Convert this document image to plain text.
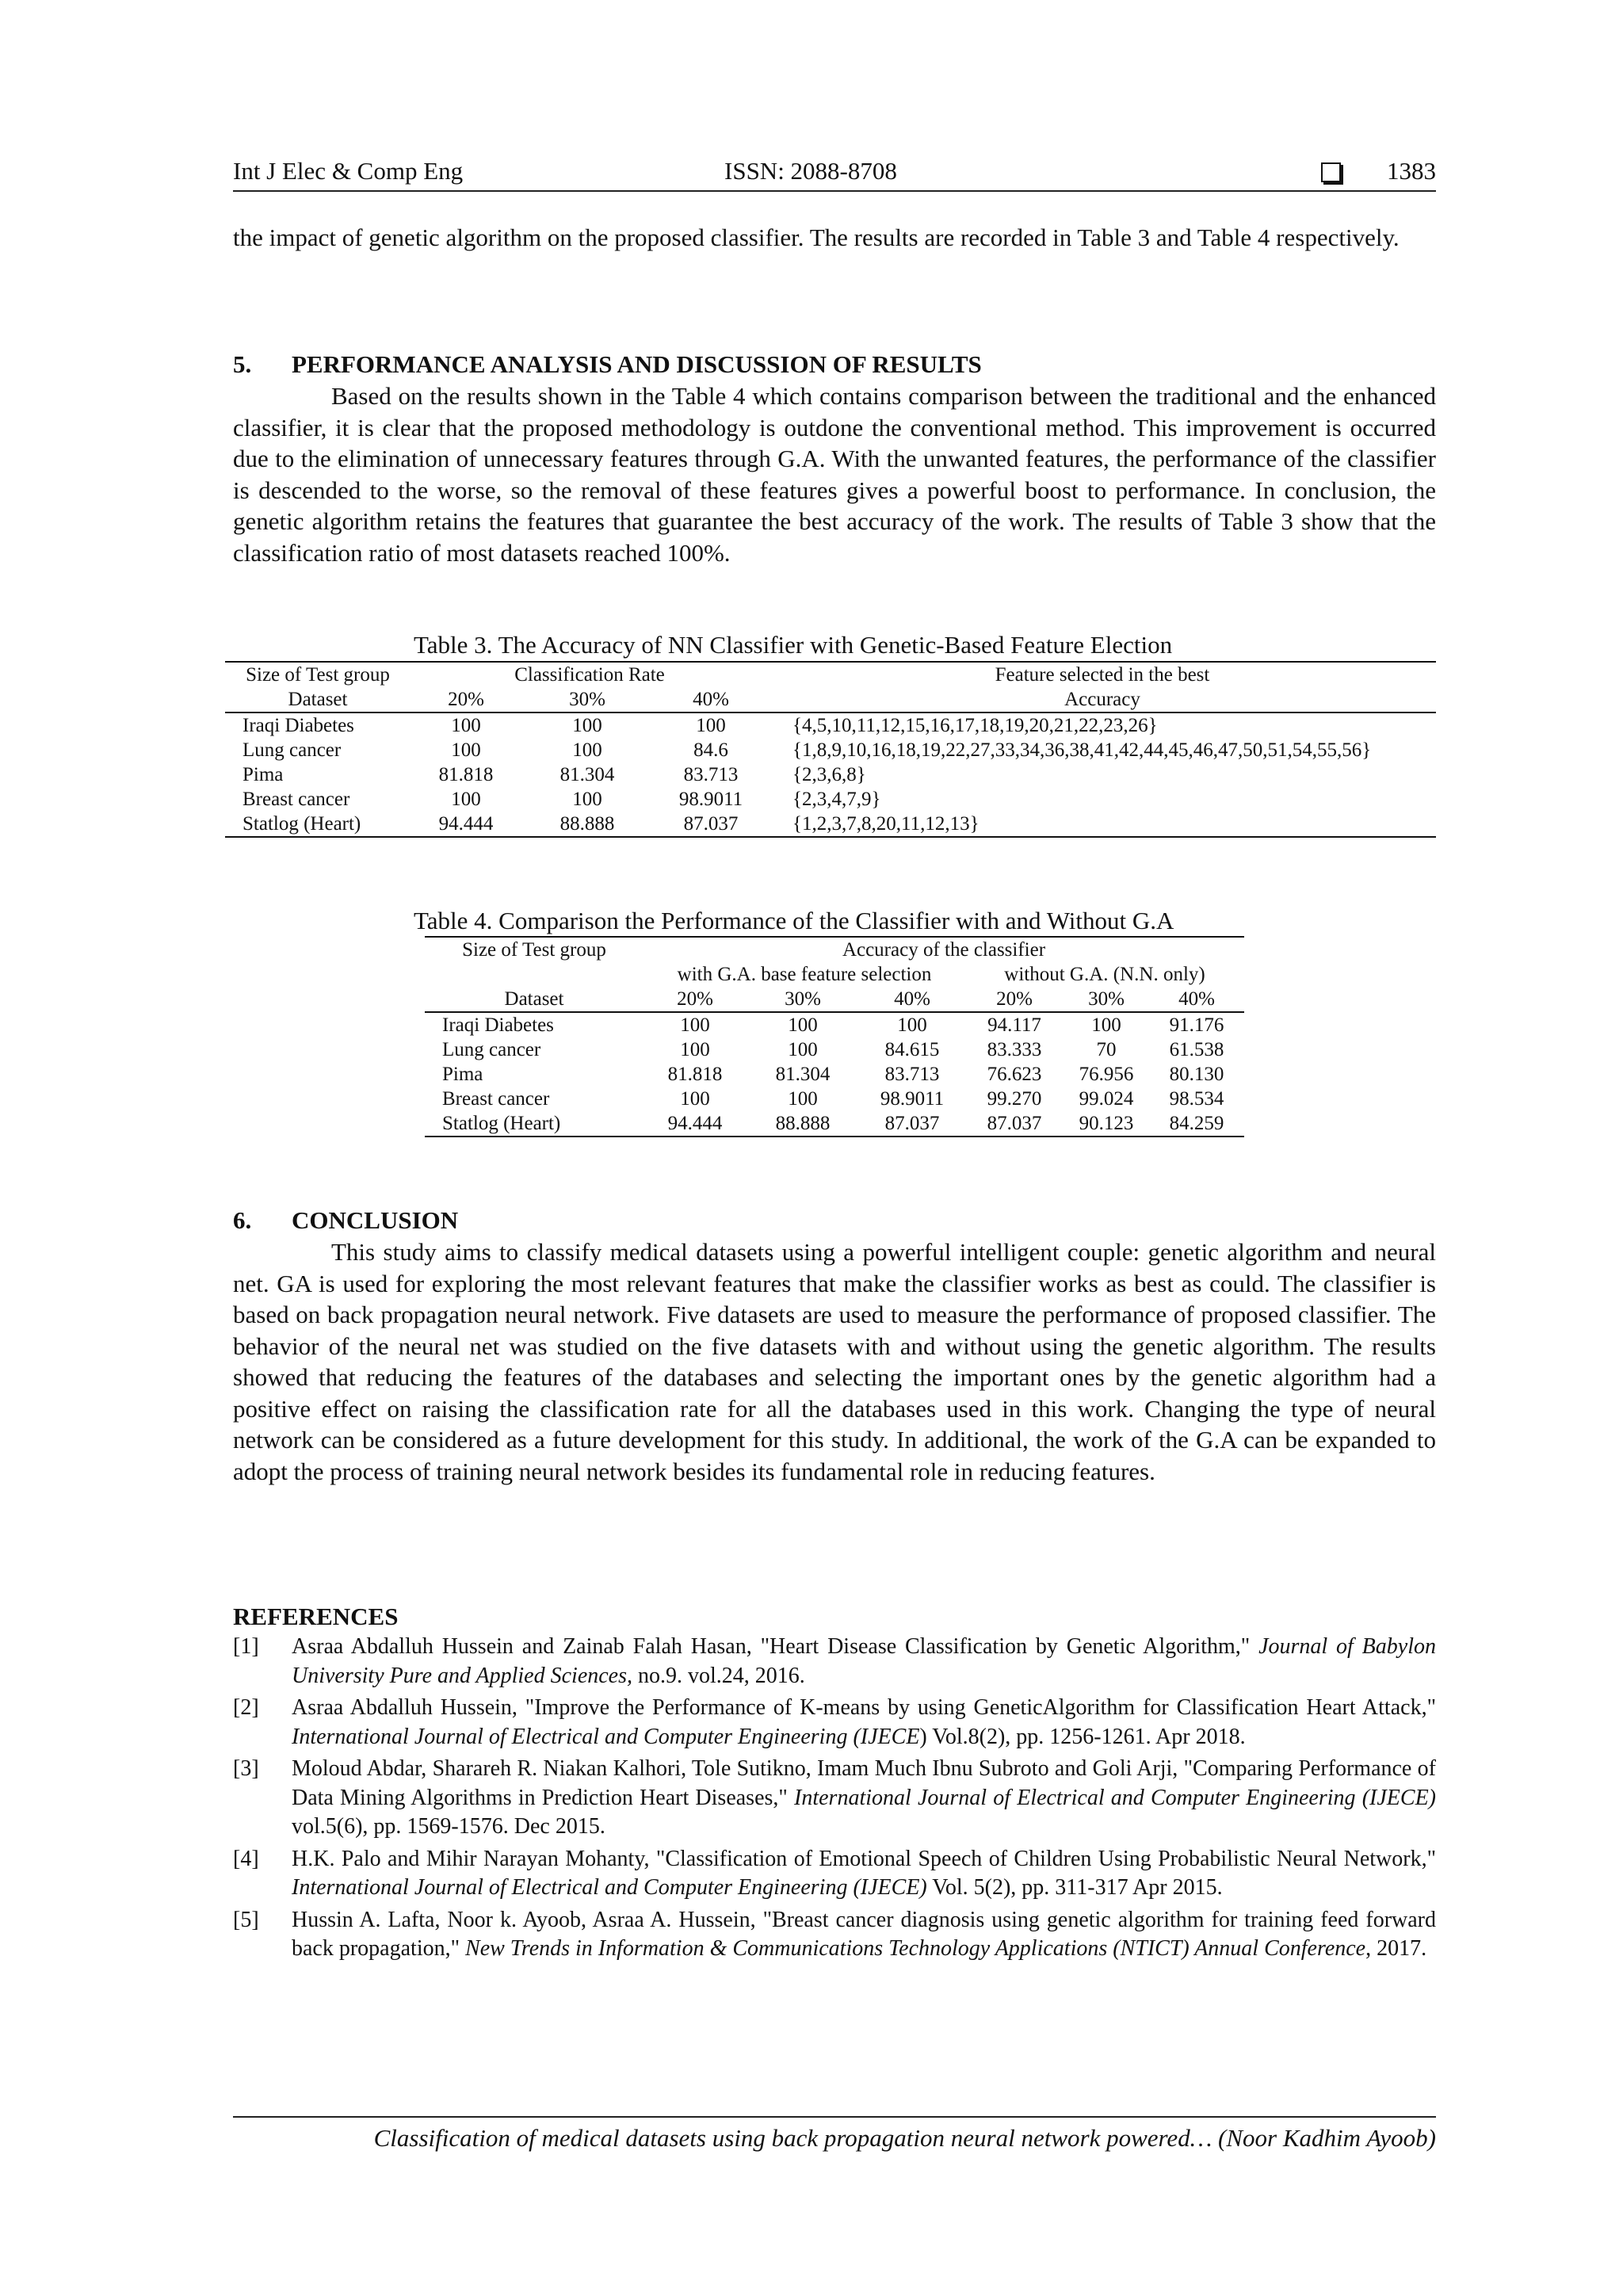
Int J Elec & Comp Eng	ISSN: 2088-8708	1383

the impact of genetic algorithm on the proposed classifier. The results are recorded in Table 3 and Table 4 respectively.

5. PERFORMANCE ANALYSIS AND DISCUSSION OF RESULTS

Based on the results shown in the Table 4 which contains comparison between the traditional and the enhanced classifier, it is clear that the proposed methodology is outdone the conventional method. This improvement is occurred due to the elimination of unnecessary features through G.A. With the unwanted features, the performance of the classifier is descended to the worse, so the removal of these features gives a powerful boost to performance. In conclusion, the genetic algorithm retains the features that guarantee the best accuracy of the work. The results of Table 3 show that the classification ratio of most datasets reached 100%.

Table 3. The Accuracy of NN Classifier with Genetic-Based Feature Election
Size of Test group	Classification Rate			Feature selected in the best
Dataset	20%	30%	40%	Accuracy
Iraqi Diabetes	100	100	100	{4,5,10,11,12,15,16,17,18,19,20,21,22,23,26}
Lung cancer	100	100	84.6	{1,8,9,10,16,18,19,22,27,33,34,36,38,41,42,44,45,46,47,50,51,54,55,56}
Pima	81.818	81.304	83.713	{2,3,6,8}
Breast cancer	100	100	98.9011	{2,3,4,7,9}
Statlog (Heart)	94.444	88.888	87.037	{1,2,3,7,8,20,11,12,13}
Table 4. Comparison the Performance of the Classifier with and Without G.A
Size of Test group	Accuracy of the classifier					
	with G.A. base feature selection			without G.A. (N.N. only)		
Dataset	20%	30%	40%	20%	30%	40%
Iraqi Diabetes	100	100	100	94.117	100	91.176
Lung cancer	100	100	84.615	83.333	70	61.538
Pima	81.818	81.304	83.713	76.623	76.956	80.130
Breast cancer	100	100	98.9011	99.270	99.024	98.534
Statlog (Heart)	94.444	88.888	87.037	87.037	90.123	84.259
6. CONCLUSION

This study aims to classify medical datasets using a powerful intelligent couple: genetic algorithm and neural net. GA is used for exploring the most relevant features that make the classifier works as best as could. The classifier is based on back propagation neural network. Five datasets are used to measure the performance of proposed classifier. The behavior of the neural net was studied on the five datasets with and without using the genetic algorithm. The results showed that reducing the features of the databases and selecting the important ones by the genetic algorithm had a positive effect on raising the classification rate for all the databases used in this work. Changing the type of neural network can be considered as a future development for this study. In additional, the work of the G.A can be expanded to adopt the process of training neural network besides its fundamental role in reducing features.

REFERENCES
[1] Asraa Abdalluh Hussein and Zainab Falah Hasan, "Heart Disease Classification by Genetic Algorithm," Journal of Babylon University Pure and Applied Sciences, no.9. vol.24, 2016.
[2] Asraa Abdalluh Hussein, "Improve the Performance of K-means by using GeneticAlgorithm for Classification Heart Attack," International Journal of Electrical and Computer Engineering (IJECE) Vol.8(2), pp. 1256-1261. Apr 2018.
[3] Moloud Abdar, Sharareh R. Niakan Kalhori, Tole Sutikno, Imam Much Ibnu Subroto and Goli Arji, "Comparing Performance of Data Mining Algorithms in Prediction Heart Diseases," International Journal of Electrical and Computer Engineering (IJECE) vol.5(6), pp. 1569-1576. Dec 2015.
[4] H.K. Palo and Mihir Narayan Mohanty, "Classification of Emotional Speech of Children Using Probabilistic Neural Network," International Journal of Electrical and Computer Engineering (IJECE) Vol. 5(2), pp. 311-317 Apr 2015.
[5] Hussin A. Lafta, Noor k. Ayoob, Asraa A. Hussein, "Breast cancer diagnosis using genetic algorithm for training feed forward back propagation," New Trends in Information & Communications Technology Applications (NTICT) Annual Conference, 2017.
Classification of medical datasets using back propagation neural network powered… (Noor Kadhim Ayoob)
